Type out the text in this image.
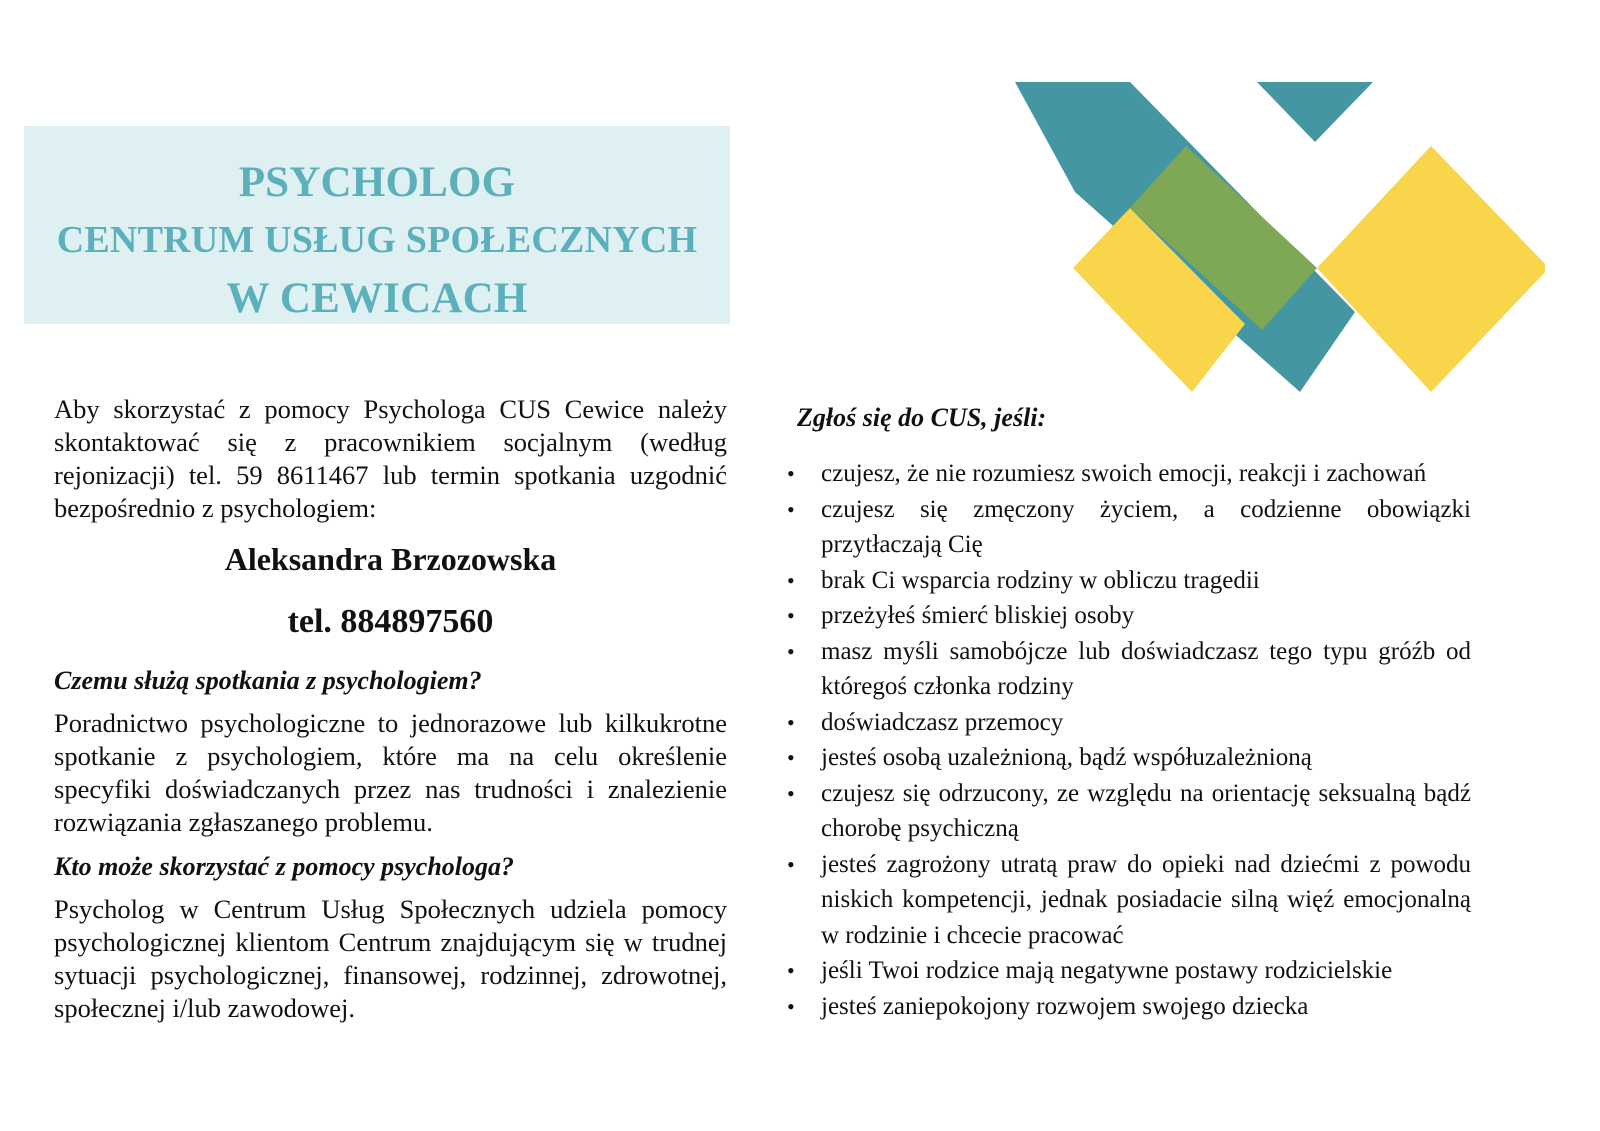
PSYCHOLOG
CENTRUM USŁUG SPOŁECZNYCH
W CEWICACH

Aby skorzystać z pomocy Psychologa CUS Cewice należy skontaktować się z pracownikiem socjalnym (według rejonizacji) tel. 59 8611467 lub termin spotkania uzgodnić bezpośrednio z psychologiem:

Aleksandra Brzozowska
tel. 884897560
Czemu służą spotkania z psychologiem?

Poradnictwo psychologiczne to jednorazowe lub kilkukrotne spotkanie z psychologiem, które ma na celu określenie specyfiki doświadczanych przez nas trudności i znalezienie rozwiązania zgłaszanego problemu.

Kto może skorzystać z pomocy psychologa?

Psycholog w Centrum Usług Społecznych udziela pomocy psychologicznej klientom Centrum znajdującym się w trudnej sytuacji psychologicznej, finansowej, rodzinnej, zdrowotnej, społecznej i/lub zawodowej.

Zgłoś się do CUS, jeśli:
• czujesz, że nie rozumiesz swoich emocji, reakcji i zachowań
• czujesz się zmęczony życiem, a codzienne obowiązki przytłaczają Cię
• brak Ci wsparcia rodziny w obliczu tragedii
• przeżyłeś śmierć bliskiej osoby
• masz myśli samobójcze lub doświadczasz tego typu gróźb od któregoś członka rodziny
• doświadczasz przemocy
• jesteś osobą uzależnioną, bądź współuzależnioną
• czujesz się odrzucony, ze względu na orientację seksualną bądź chorobę psychiczną
• jesteś zagrożony utratą praw do opieki nad dziećmi z powodu niskich kompetencji, jednak posiadacie silną więź emocjonalną w rodzinie i chcecie pracować
• jeśli Twoi rodzice mają negatywne postawy rodzicielskie
• jesteś zaniepokojony rozwojem swojego dziecka
